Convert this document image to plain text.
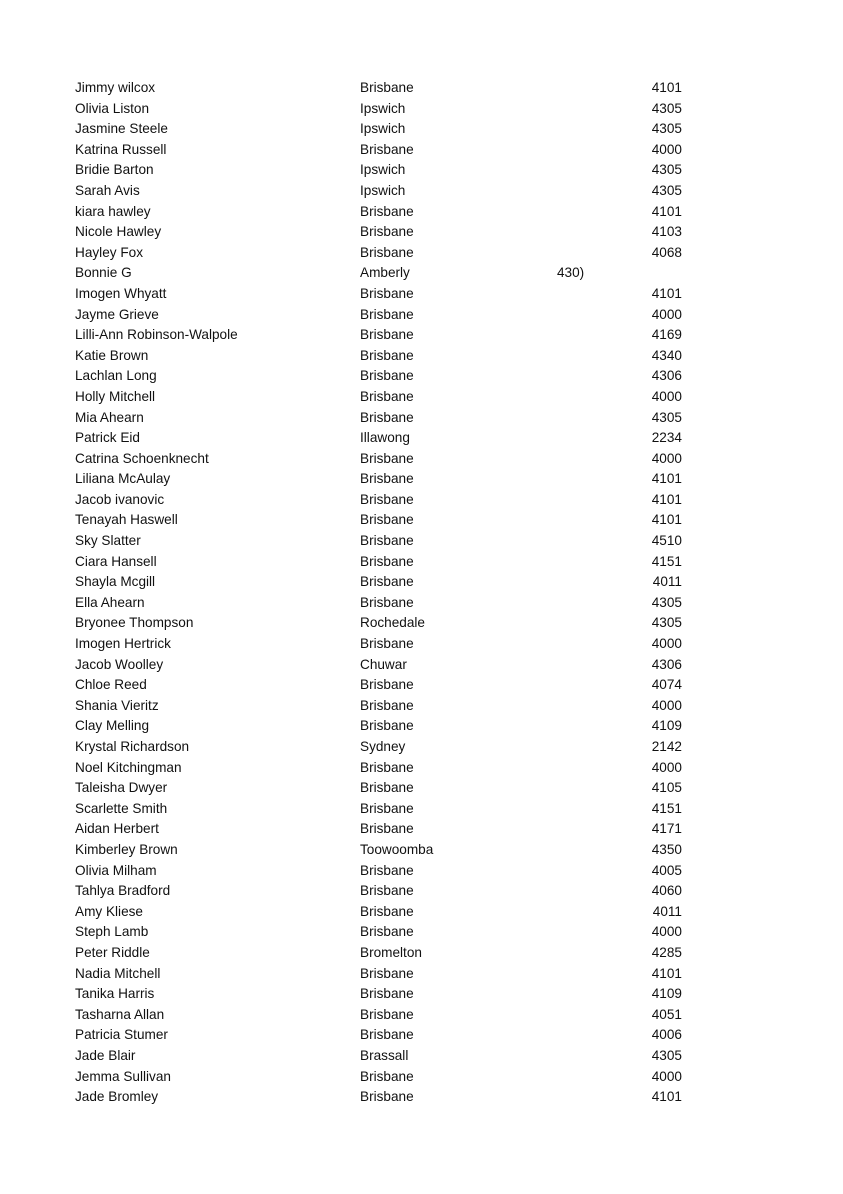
Jimmy wilcox	Brisbane	4101
Olivia Liston	Ipswich	4305
Jasmine Steele	Ipswich	4305
Katrina Russell	Brisbane	4000
Bridie Barton	Ipswich	4305
Sarah Avis	Ipswich	4305
kiara hawley	Brisbane	4101
Nicole Hawley	Brisbane	4103
Hayley Fox	Brisbane	4068
Bonnie G	Amberly	430)
Imogen Whyatt	Brisbane	4101
Jayme Grieve	Brisbane	4000
Lilli-Ann Robinson-Walpole	Brisbane	4169
Katie Brown	Brisbane	4340
Lachlan Long	Brisbane	4306
Holly Mitchell	Brisbane	4000
Mia Ahearn	Brisbane	4305
Patrick Eid	Illawong	2234
Catrina Schoenknecht	Brisbane	4000
Liliana McAulay	Brisbane	4101
Jacob ivanovic	Brisbane	4101
Tenayah Haswell	Brisbane	4101
Sky Slatter	Brisbane	4510
Ciara Hansell	Brisbane	4151
Shayla Mcgill	Brisbane	4011
Ella Ahearn	Brisbane	4305
Bryonee Thompson	Rochedale	4305
Imogen Hertrick	Brisbane	4000
Jacob Woolley	Chuwar	4306
Chloe Reed	Brisbane	4074
Shania Vieritz	Brisbane	4000
Clay Melling	Brisbane	4109
Krystal Richardson	Sydney	2142
Noel Kitchingman	Brisbane	4000
Taleisha Dwyer	Brisbane	4105
Scarlette Smith	Brisbane	4151
Aidan Herbert	Brisbane	4171
Kimberley Brown	Toowoomba	4350
Olivia Milham	Brisbane	4005
Tahlya Bradford	Brisbane	4060
Amy Kliese	Brisbane	4011
Steph Lamb	Brisbane	4000
Peter Riddle	Bromelton	4285
Nadia Mitchell	Brisbane	4101
Tanika Harris	Brisbane	4109
Tasharna Allan	Brisbane	4051
Patricia Stumer	Brisbane	4006
Jade Blair	Brassall	4305
Jemma Sullivan	Brisbane	4000
Jade Bromley	Brisbane	4101
